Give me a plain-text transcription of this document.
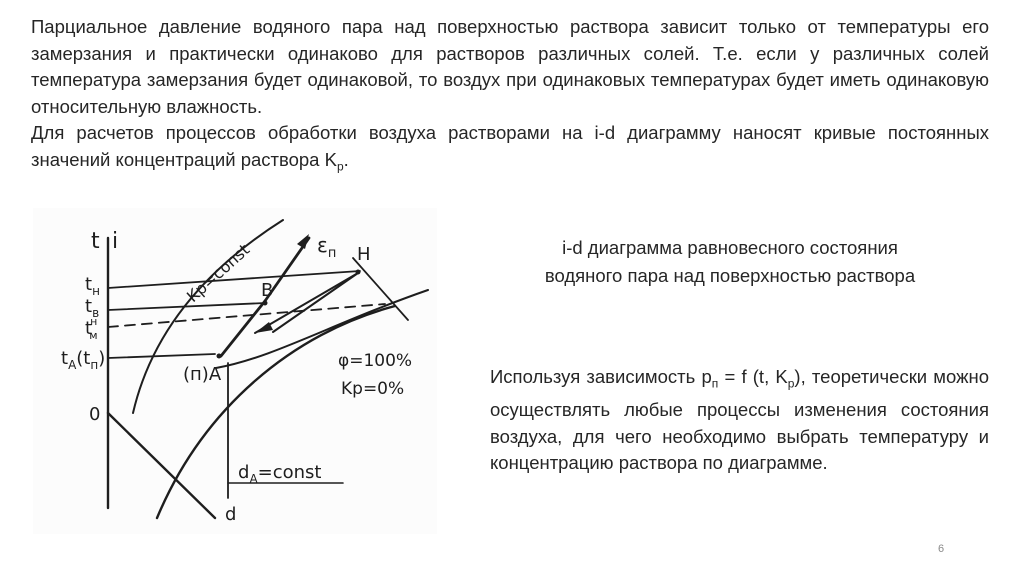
Парциальное давление водяного пара над поверхностью раствора зависит только от температуры его замерзания и практически одинаково для растворов различных солей. Т.е. если у различных солей температура замерзания будет одинаковой, то воздух при одинаковых температурах будет иметь одинаковую относительную влажность.

Для расчетов процессов обработки воздуха растворами на i-d диаграмму наносят кривые постоянных значений концентраций раствора $K_p$.

t i
$t_н$
$t_в$
tн м
$t_A(t_п)$
0
Kp=const	$\varepsilon_п$ H
B
(п)A
φ=100%
Kp=0%
$d_A=const$
d
i-d диаграмма равновесного состояния
водяного пара над поверхностью раствора

Используя зависимость $p_п = f$ (t, $K_p$), теоретически можно осуществлять любые процессы изменения состояния воздуха, для чего необходимо выбрать температуру и концентрацию раствора по диаграмме.

6
